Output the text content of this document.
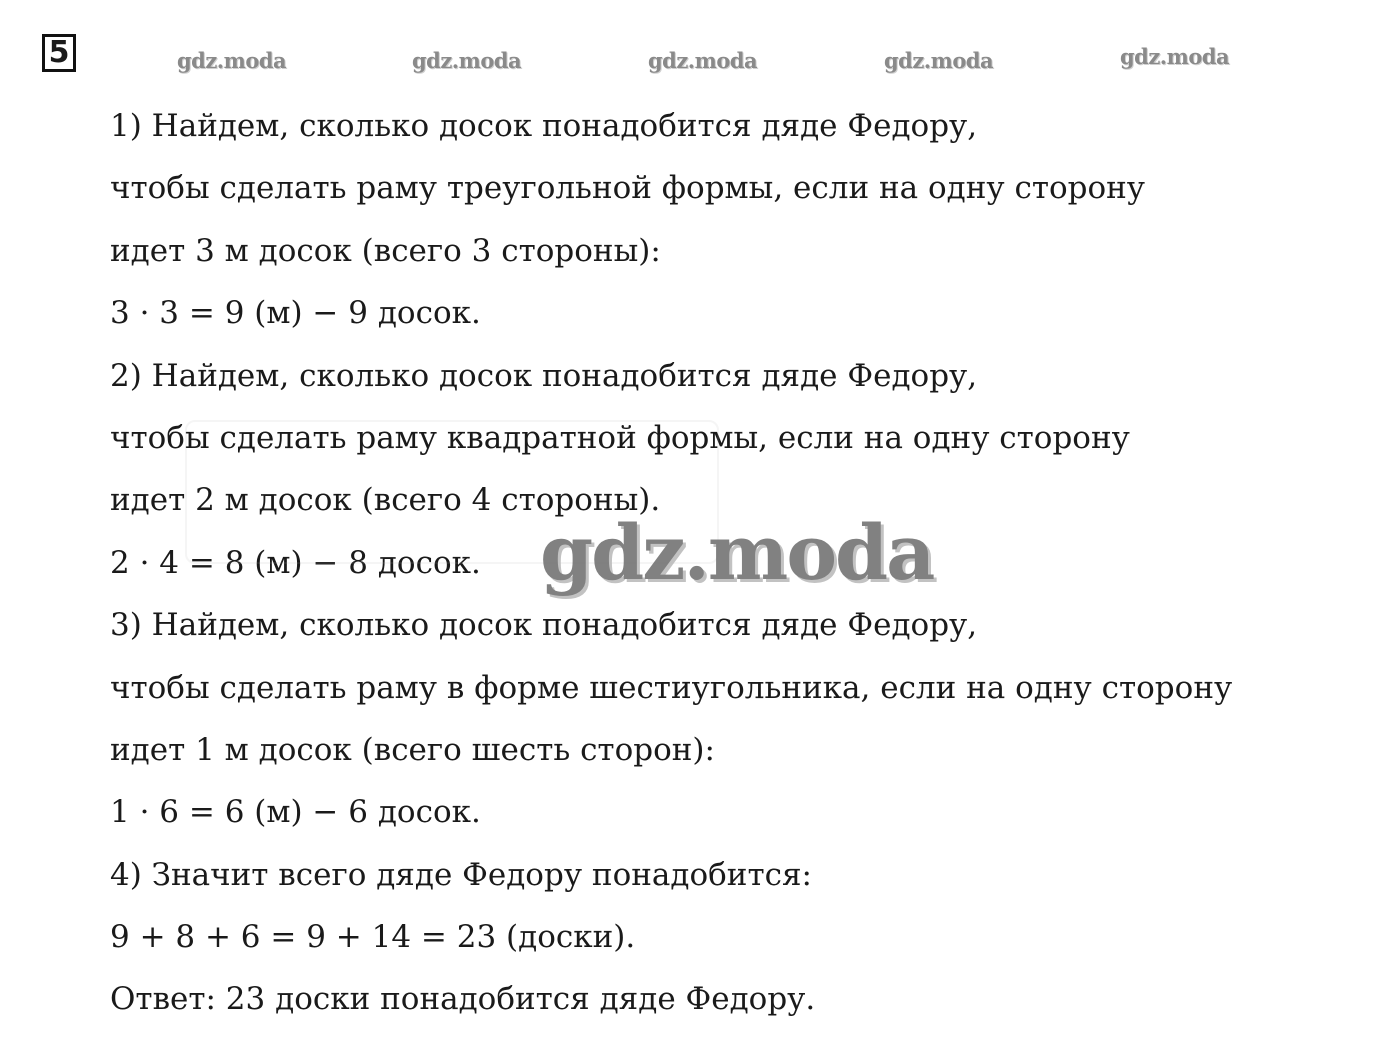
5	gdz.moda	gdz.moda	gdz.moda	gdz.moda	gdz.moda
1) Найдем, сколько досок понадобится дяде Федору,
чтобы сделать раму треугольной формы, если на одну сторону
идет 3 м досок (всего 3 стороны):
3 · 3 = 9 (м) − 9 досок.
2) Найдем, сколько досок понадобится дяде Федору,
чтобы сделать раму квадратной формы, если на одну сторону
идет 2 м досок (всего 4 стороны).
2 · 4 = 8 (м) − 8 досок.
3) Найдем, сколько досок понадобится дяде Федору,
чтобы сделать раму в форме шестиугольника, если на одну сторону
идет 1 м досок (всего шесть сторон):
1 · 6 = 6 (м) − 6 досок.
4) Значит всего дяде Федору понадобится:
9 + 8 + 6 = 9 + 14 = 23 (доски).
Ответ: 23 доски понадобится дяде Федору.
gdz.moda
